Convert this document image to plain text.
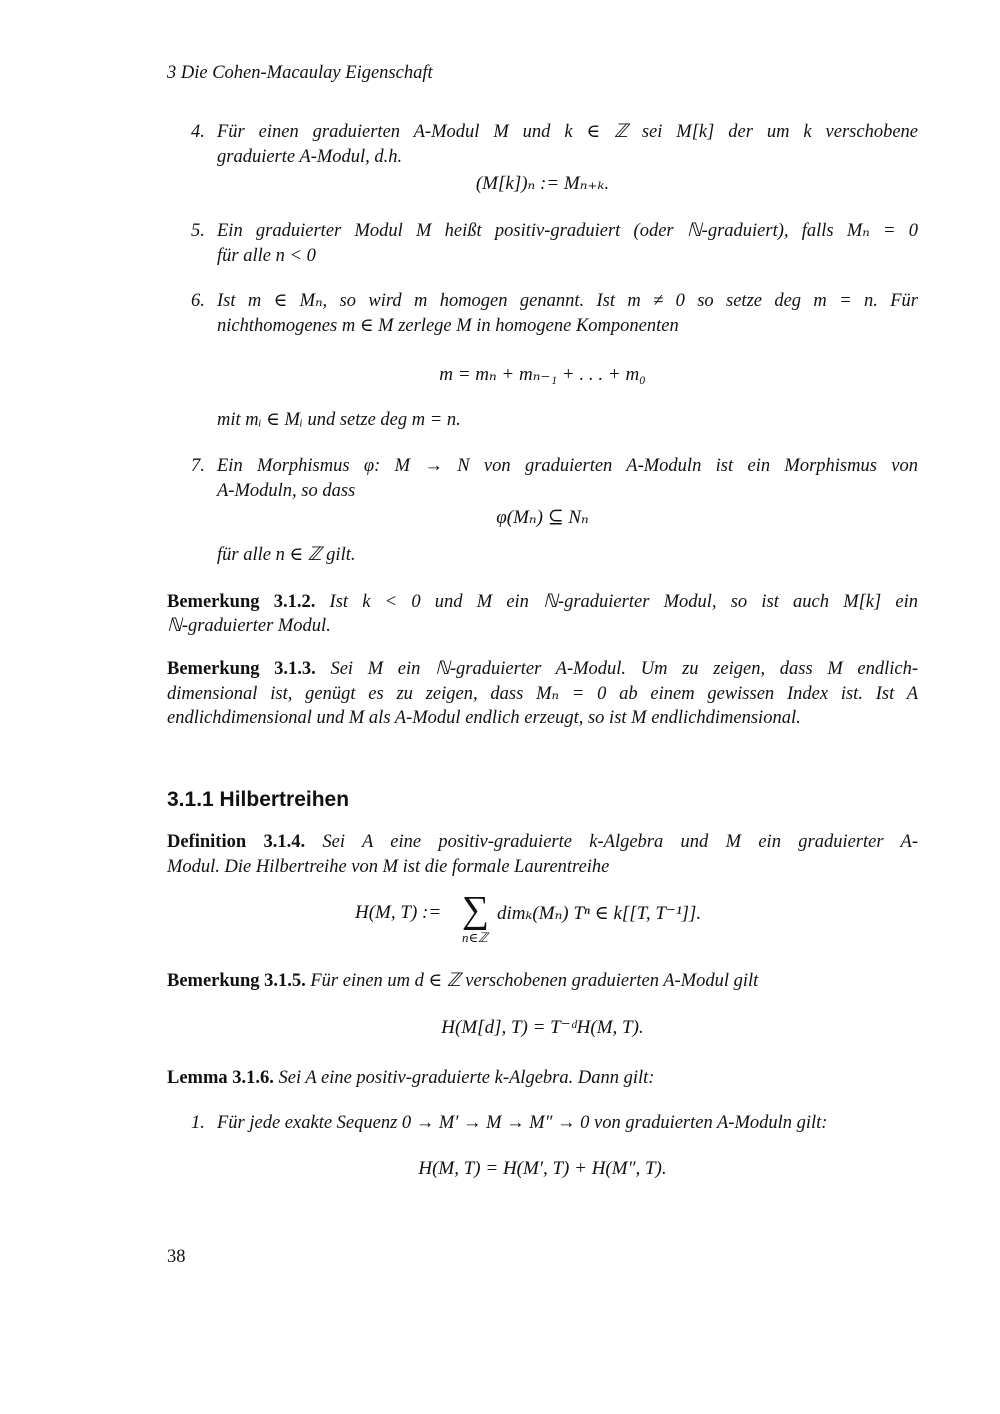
3 Die Cohen-Macaulay Eigenschaft

4. Für einen graduierten A-Modul M und k ∈ ℤ sei M[k] der um k verschobene
graduierte A-Modul, d.h.

(M[k])ₙ := Mₙ₊ₖ.

5. Ein graduierter Modul M heißt positiv-graduiert (oder ℕ-graduiert), falls Mₙ = 0
für alle n < 0
6. Ist m ∈ Mₙ, so wird m homogen genannt. Ist m ≠ 0 so setze deg m = n. Für
nichthomogenes m ∈ M zerlege M in homogene Komponenten

m = mₙ + mₙ₋₁ + . . . + m₀

mit mᵢ ∈ Mᵢ und setze deg m = n.
7. Ein Morphismus φ: M → N von graduierten A-Moduln ist ein Morphismus von
A-Moduln, so dass

φ(Mₙ) ⊆ Nₙ

für alle n ∈ ℤ gilt.
Bemerkung 3.1.2. Ist k < 0 und M ein ℕ-graduierter Modul, so ist auch M[k] ein

ℕ-graduierter Modul.

Bemerkung 3.1.3. Sei M ein ℕ-graduierter A-Modul. Um zu zeigen, dass M endlich-

dimensional ist, genügt es zu zeigen, dass Mₙ = 0 ab einem gewissen Index ist. Ist A

endlichdimensional und M als A-Modul endlich erzeugt, so ist M endlichdimensional.

3.1.1 Hilbertreihen
Definition 3.1.4. Sei A eine positiv-graduierte k-Algebra und M ein graduierter A-

Modul. Die Hilbertreihe von M ist die formale Laurentreihe

H(M, T) := ∑
n∈ℤ
dimₖ(Mₙ) Tⁿ ∈ k[[T, T⁻¹]].
Bemerkung 3.1.5. Für einen um d ∈ ℤ verschobenen graduierten A-Modul gilt

H(M[d], T) = T⁻ᵈH(M, T).

Lemma 3.1.6. Sei A eine positiv-graduierte k-Algebra. Dann gilt:
1. Für jede exakte Sequenz 0 → M′ → M → M″ → 0 von graduierten A-Moduln gilt:

H(M, T) = H(M′, T) + H(M″, T).

38
